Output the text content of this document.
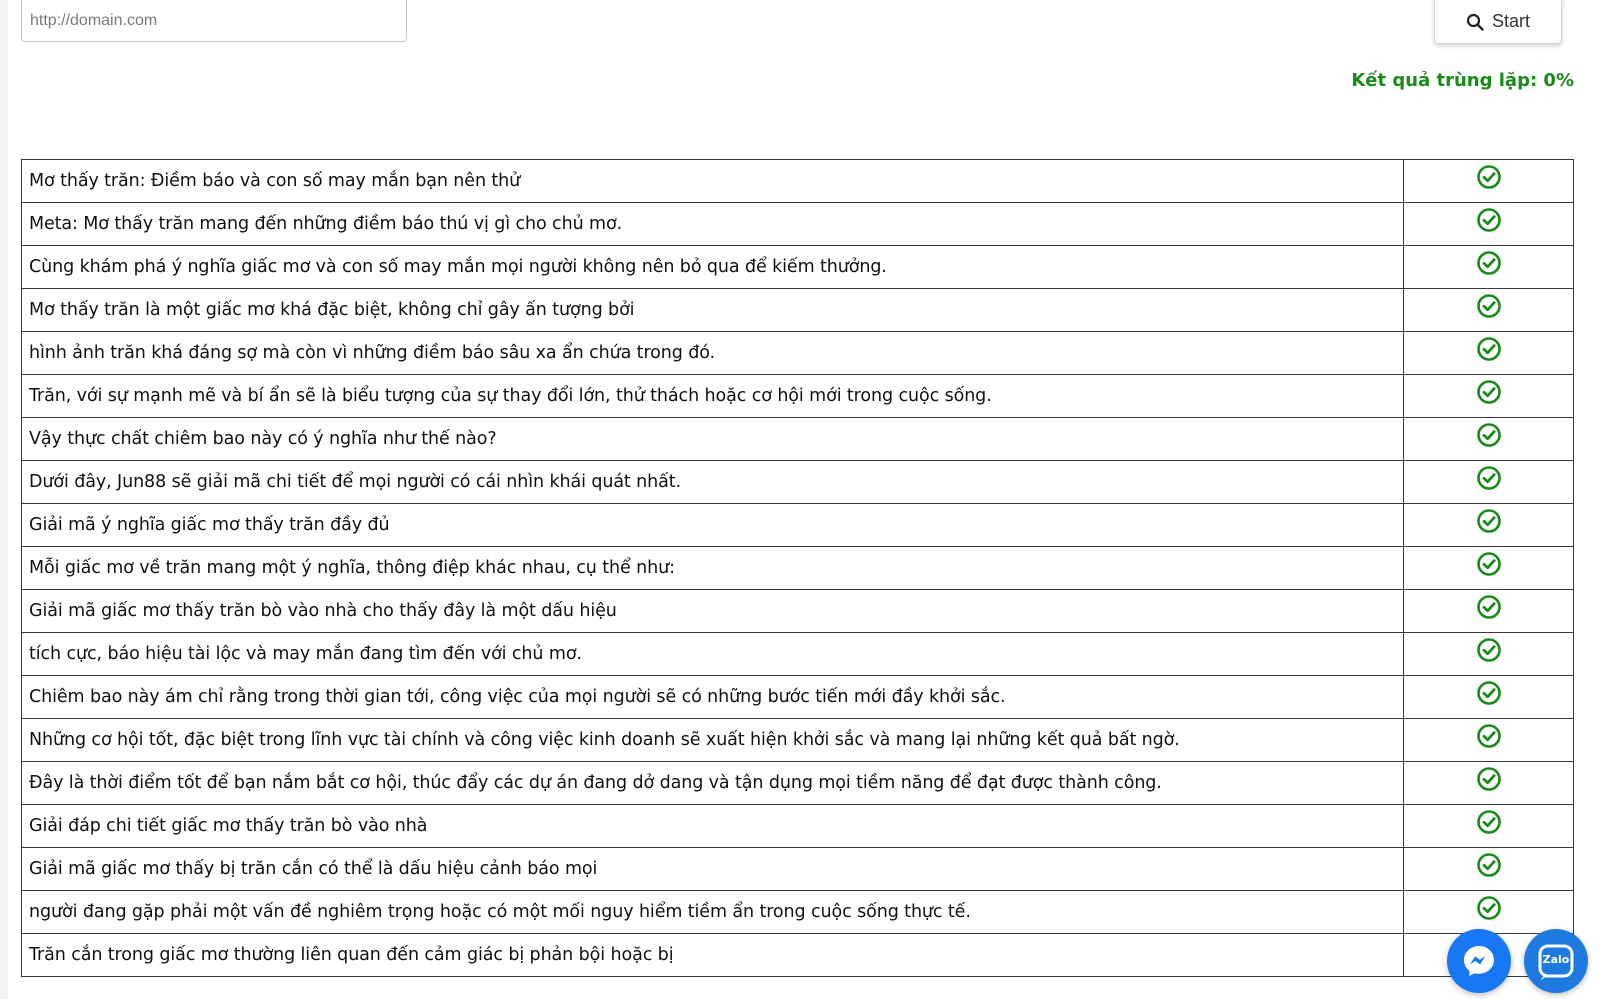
http://domain.com
Start
Kết quả trùng lặp: 0%
Mơ thấy trăn: Điềm báo và con số may mắn bạn nên thử	
Meta: Mơ thấy trăn mang đến những điềm báo thú vị gì cho chủ mơ.	
Cùng khám phá ý nghĩa giấc mơ và con số may mắn mọi người không nên bỏ qua để kiếm thưởng.	
Mơ thấy trăn là một giấc mơ khá đặc biệt, không chỉ gây ấn tượng bởi	
hình ảnh trăn khá đáng sợ mà còn vì những điềm báo sâu xa ẩn chứa trong đó.	
Trăn, với sự mạnh mẽ và bí ẩn sẽ là biểu tượng của sự thay đổi lớn, thử thách hoặc cơ hội mới trong cuộc sống.	
Vậy thực chất chiêm bao này có ý nghĩa như thế nào?	
Dưới đây, Jun88 sẽ giải mã chi tiết để mọi người có cái nhìn khái quát nhất.	
Giải mã ý nghĩa giấc mơ thấy trăn đầy đủ	
Mỗi giấc mơ về trăn mang một ý nghĩa, thông điệp khác nhau, cụ thể như:	
Giải mã giấc mơ thấy trăn bò vào nhà cho thấy đây là một dấu hiệu	
tích cực, báo hiệu tài lộc và may mắn đang tìm đến với chủ mơ.	
Chiêm bao này ám chỉ rằng trong thời gian tới, công việc của mọi người sẽ có những bước tiến mới đầy khởi sắc.	
Những cơ hội tốt, đặc biệt trong lĩnh vực tài chính và công việc kinh doanh sẽ xuất hiện khởi sắc và mang lại những kết quả bất ngờ.	
Đây là thời điểm tốt để bạn nắm bắt cơ hội, thúc đẩy các dự án đang dở dang và tận dụng mọi tiềm năng để đạt được thành công.	
Giải đáp chi tiết giấc mơ thấy trăn bò vào nhà	
Giải mã giấc mơ thấy bị trăn cắn có thể là dấu hiệu cảnh báo mọi	
người đang gặp phải một vấn đề nghiêm trọng hoặc có một mối nguy hiểm tiềm ẩn trong cuộc sống thực tế.	
Trăn cắn trong giấc mơ thường liên quan đến cảm giác bị phản bội hoặc bị		Zalo
